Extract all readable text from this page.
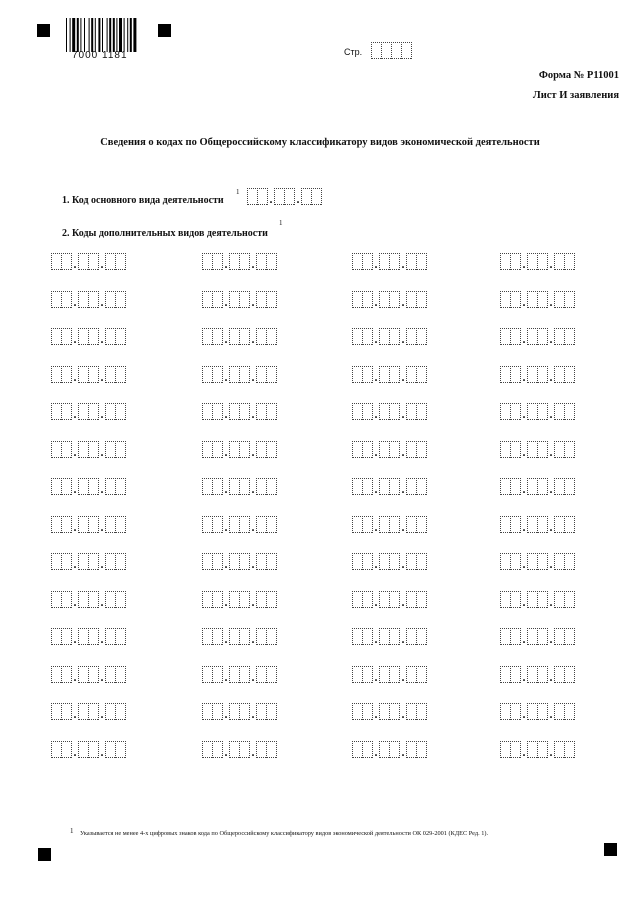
7000 1181	Стр.
Форма № Р11001
Лист И заявления
Сведения о кодах по Общероссийскому классификатору видов экономической деятельности
1. Код основного вида деятельности
1	. .
2. Коды дополнительных видов деятельности
1
. .	. .	. .	. .
. .	. .	. .	. .
. .	. .	. .	. .
. .	. .	. .	. .
. .	. .	. .	. .
. .	. .	. .	. .
. .	. .	. .	. .
. .	. .	. .	. .
. .	. .	. .	. .
. .	. .	. .	. .
. .	. .	. .	. .
. .	. .	. .	. .
. .	. .	. .	. .
. .	. .	. .	. .
1 Указывается не менее 4-х цифровых знаков кода по Общероссийскому классификатору видов экономической деятельности ОК 029-2001 (КДЕС Ред. 1).
